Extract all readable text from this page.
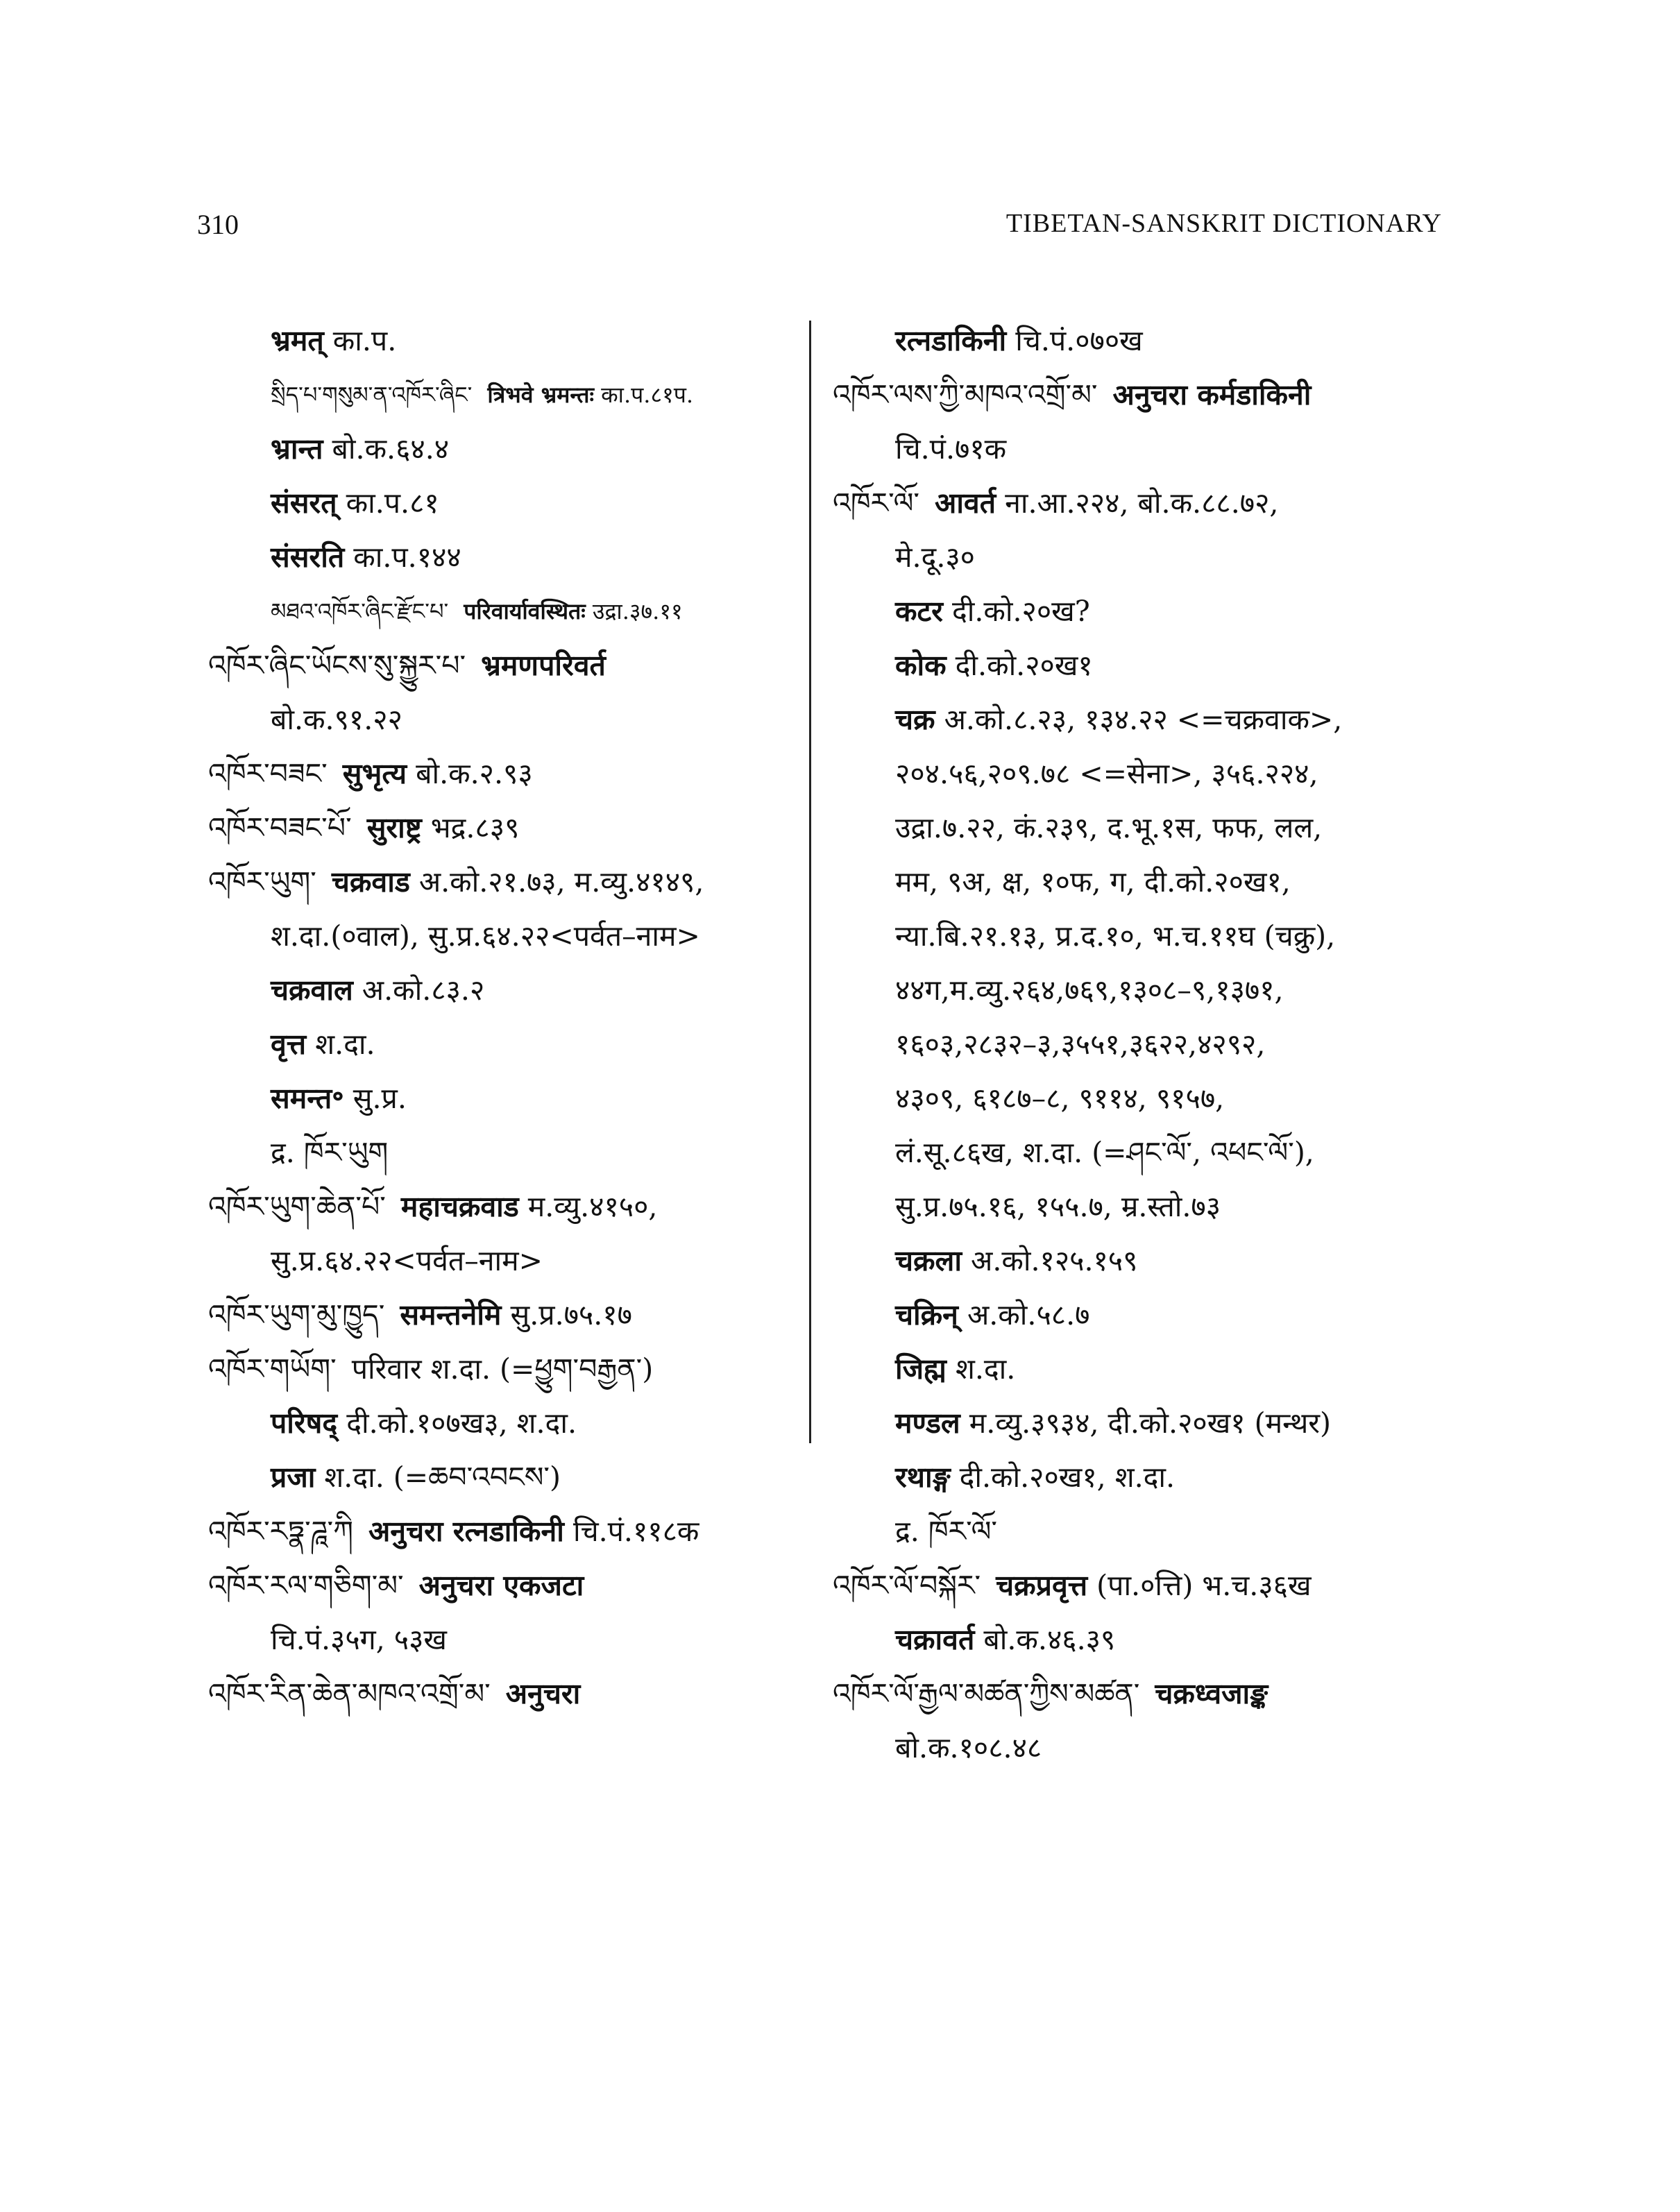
310	TIBETAN-SANSKRIT DICTIONARY
भ्रमत् का.प.
སྲིད་པ་གསུམ་ན་འཁོར་ཞིང་ त्रिभवे भ्रमन्तः का.प.८१प.
भ्रान्त बो.क.६४.४
संसरत् का.प.८१
संसरति का.प.१४४
མཐའ་འཁོར་ཞིང་རྫོང་པ་ परिवार्यावस्थितः उद्रा.३७.११
འཁོར་ཞིང་ཡོངས་སུ་སྐྱུར་པ་ भ्रमणपरिवर्त
बो.क.९१.२२
འཁོར་བཟང་ सुभृत्य बो.क.२.९३
འཁོར་བཟང་པོ་ सुराष्ट्र भद्र.८३९
འཁོར་ཡུག་ चक्रवाड अ.को.२१.७३, म.व्यु.४१४९,
श.दा.(०वाल), सु.प्र.६४.२२<पर्वत–नाम>
चक्रवाल अ.को.८३.२
वृत्त श.दा.
समन्त॰ सु.प्र.
द्र. ཁོར་ཡུག
འཁོར་ཡུག་ཆེན་པོ་ महाचक्रवाड म.व्यु.४१५०,
सु.प्र.६४.२२<पर्वत–नाम>
འཁོར་ཡུག་མུ་ཁྱུད་ समन्तनेमि सु.प्र.७५.१७
འཁོར་གཡོག་ परिवार श.दा. (=ཕྱུག་བརྒྱན་)
परिषद् दी.को.१०७ख३, श.दा.
प्रजा श.दा. (=ཆབ་འབངས་)
འཁོར་རཏྣ་ཌཱ་ཀི अनुचरा रत्नडाकिनी चि.पं.११८क
འཁོར་རལ་གཅིག་མ་ अनुचरा एकजटा
चि.पं.३५ग, ५३ख
འཁོར་རིན་ཆེན་མཁའ་འགྲོ་མ་ अनुचरा
रत्नडाकिनी चि.पं.०७०ख
འཁོར་ལས་ཀྱི་མཁའ་འགྲོ་མ་ अनुचरा कर्मडाकिनी
चि.पं.७१क
འཁོར་ལོ་ आवर्त ना.आ.२२४, बो.क.८८.७२,
मे.दू.३०
कटर दी.को.२०ख?
कोक दी.को.२०ख१
चक्र अ.को.८.२३, १३४.२२ <=चक्रवाक>,
२०४.५६,२०९.७८ <=सेना>, ३५६.२२४,
उद्रा.७.२२, कं.२३९, द.भू.१स, फफ, लल,
मम, ९अ, क्ष, १०फ, ग, दी.को.२०ख१,
न्या.बि.२१.१३, प्र.द.१०, भ.च.११घ (चक्रु),
४४ग,म.व्यु.२६४,७६९,१३०८–९,१३७१,
१६०३,२८३२–३,३५५१,३६२२,४२९२,
४३०९, ६१८७–८, ९११४, ९१५७,
लं.सू.८६ख, श.दा. (=ཤང་ལོ་, འཕང་ལོ་),
सु.प्र.७५.१६, १५५.७, म्र.स्तो.७३
चक्रला अ.को.१२५.१५९
चक्रिन् अ.को.५८.७
जिह्म श.दा.
मण्डल म.व्यु.३९३४, दी.को.२०ख१ (मन्थर)
रथाङ्ग दी.को.२०ख१, श.दा.
द्र. ཁོར་ལོ་
འཁོར་ལོ་བསྐོར་ चक्रप्रवृत्त (पा.०त्ति) भ.च.३६ख
चक्रावर्त बो.क.४६.३९
འཁོར་ལོ་རྒྱལ་མཚན་ཀྱིས་མཚན་ चक्रध्वजाङ्क
बो.क.१०८.४८
